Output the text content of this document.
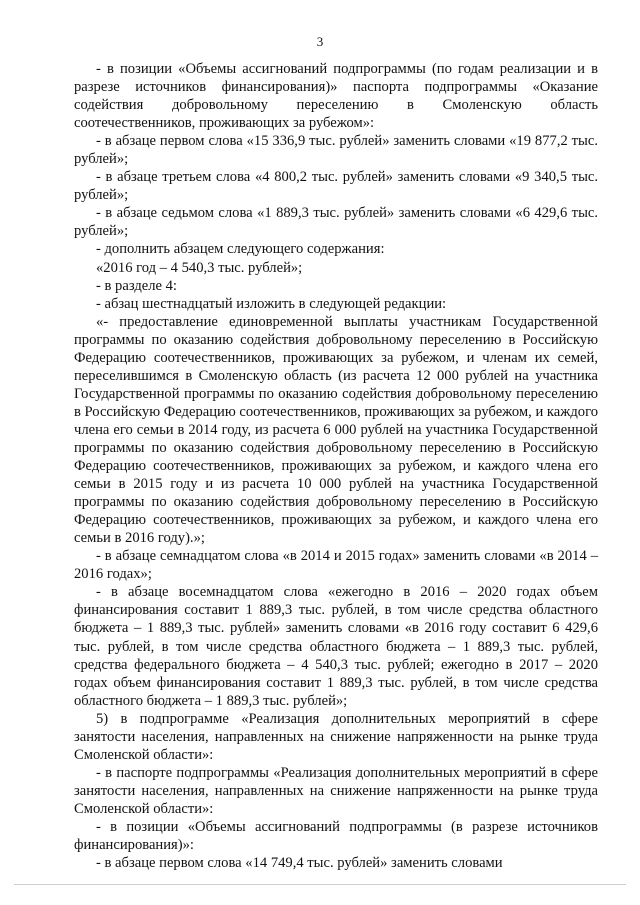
3

- в позиции «Объемы ассигнований подпрограммы (по годам реализации и в разрезе источников финансирования)» паспорта подпрограммы «Оказание содействия добровольному переселению в Смоленскую область соотечественников, проживающих за рубежом»:

- в абзаце первом слова «15 336,9 тыс. рублей» заменить словами «19 877,2 тыс. рублей»;

- в абзаце третьем слова «4 800,2 тыс. рублей» заменить словами «9 340,5 тыс. рублей»;

- в абзаце седьмом слова «1 889,3 тыс. рублей» заменить словами «6 429,6 тыс. рублей»;

- дополнить абзацем следующего содержания:

«2016 год – 4 540,3 тыс. рублей»;

- в разделе 4:

- абзац шестнадцатый изложить в следующей редакции:

«- предоставление единовременной выплаты участникам Государственной программы по оказанию содействия добровольному переселению в Российскую Федерацию соотечественников, проживающих за рубежом, и членам их семей, переселившимся в Смоленскую область (из расчета 12 000 рублей на участника Государственной программы по оказанию содействия добровольному переселению в Российскую Федерацию соотечественников, проживающих за рубежом, и каждого члена его семьи в 2014 году, из расчета 6 000 рублей на участника Государственной программы по оказанию содействия добровольному переселению в Российскую Федерацию соотечественников, проживающих за рубежом, и каждого члена его семьи в 2015 году и из расчета 10 000 рублей на участника Государственной программы по оказанию содействия добровольному переселению в Российскую Федерацию соотечественников, проживающих за рубежом, и каждого члена его семьи в 2016 году).»;

- в абзаце семнадцатом слова «в 2014 и 2015 годах» заменить словами «в 2014 – 2016 годах»;

- в абзаце восемнадцатом слова «ежегодно в 2016 – 2020 годах объем финансирования составит 1 889,3 тыс. рублей, в том числе средства областного бюджета – 1 889,3 тыс. рублей» заменить словами «в 2016 году составит 6 429,6 тыс. рублей, в том числе средства областного бюджета – 1 889,3 тыс. рублей, средства федерального бюджета – 4 540,3 тыс. рублей; ежегодно в 2017 – 2020 годах объем финансирования составит 1 889,3 тыс. рублей, в том числе средства областного бюджета – 1 889,3 тыс. рублей»;

5) в подпрограмме «Реализация дополнительных мероприятий в сфере занятости населения, направленных на снижение напряженности на рынке труда Смоленской области»:

- в паспорте подпрограммы «Реализация дополнительных мероприятий в сфере занятости населения, направленных на снижение напряженности на рынке труда Смоленской области»:

- в позиции «Объемы ассигнований подпрограммы (в разрезе источников финансирования)»:

- в абзаце первом слова «14 749,4 тыс. рублей» заменить словами
